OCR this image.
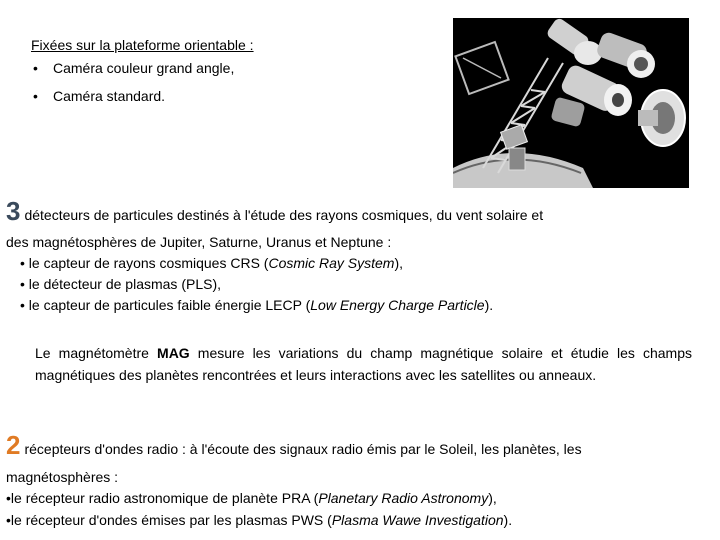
Fixées sur la plateforme orientable :
• Caméra couleur grand angle,
• Caméra standard.
3 détecteurs de particules destinés à l'étude des rayons cosmiques, du vent solaire et
des magnétosphères de Jupiter, Saturne, Uranus et Neptune :
• le capteur de rayons cosmiques CRS (Cosmic Ray System),
• le détecteur de plasmas (PLS),
• le capteur de particules faible énergie LECP (Low Energy Charge Particle).
Le magnétomètre MAG mesure les variations du champ magnétique solaire et étudie les champs magnétiques des planètes rencontrées et leurs interactions avec les satellites ou anneaux.
2 récepteurs d'ondes radio : à l'écoute des signaux radio émis par le Soleil, les planètes, les
magnétosphères :
•le récepteur radio astronomique de planète PRA (Planetary Radio Astronomy),
•le récepteur d'ondes émises par les plasmas PWS (Plasma Wawe Investigation).
